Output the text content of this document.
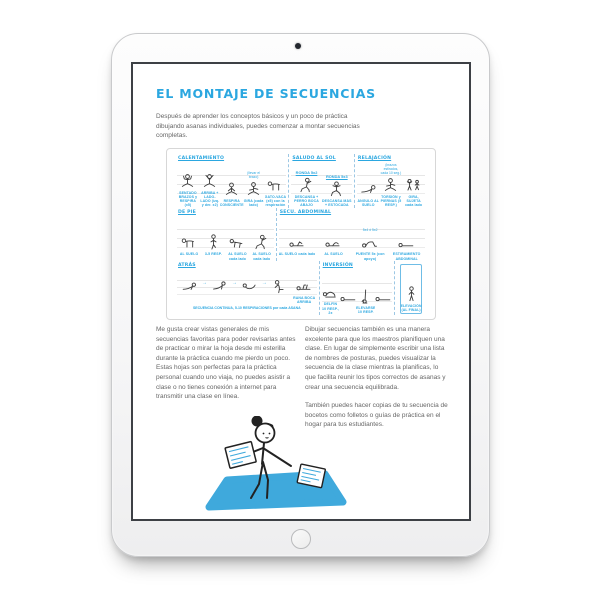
EL MONTAJE DE SECUENCIAS

Después de aprender los conceptos básicos y un poco de práctica dibujando asanas individuales, puedes comenzar a montar secuencias completas.

CALENTAMIENTO
SENTADO BRAZOS y RESPIRA (x5)
ARRIBA + LADO-LADO (izq. y der. x2)
RESPIRA CONSCIENTE
(llevar el brazo)
GIRA (cada lado)
GATO-VACA (x5) con la respiración
SALUDO AL SOL
RONDA 5x2
DESCANSA + PERRO BOCA ABAJO
RONDA 5x3
DESCANSA MÁS + ESTOCADA
RELAJACIÓN
ÁNGULO AL SUELO
(brazos estirados, cada 10 seg.)
TORSIÓN y PIERNAS (5 RESP.)
GIRA, SUJETA cada lado
DE PIE
AL SUELO 3-5 RESP.	AL SUELO cada lado
AL SUELO cada lado
SECU. ABDOMINAL
AL SUELO cada lado	AL SUELO
5x4 ó 5x2
PUENTE 5x (con apoyo)
ESTIRAMIENTO ABDOMINAL
ATRÁS
→	→	→
RANA BOCA ARRIBA
SECUENCIA CONTINUA, 5-10 RESPIRACIONES por cada ASANA
INVERSIÓN
DELFÍN 10 RESP., 2x
ELEVARSE 10 RESP.
ELEVACIÓN (AL FINAL)

Me gusta crear vistas generales de mis secuencias favoritas para poder revisarlas antes de practicar o mirar la hoja desde mi esterilla durante la práctica cuando me pierdo un poco. Estas hojas son perfectas para la práctica personal cuando uno viaja, no puedes asistir a clase o no tienes conexión a internet para transmitir una clase en línea.

Dibujar secuencias también es una manera excelente para que los maestros planifiquen una clase. En lugar de simplemente escribir una lista de nombres de posturas, puedes visualizar la secuencia de la clase mientras la planificas, lo que facilita reunir los tipos correctos de asanas y crear una secuencia equilibrada.

También puedes hacer copias de tu secuencia de bocetos como folletos o guías de práctica en el hogar para tus estudiantes.
